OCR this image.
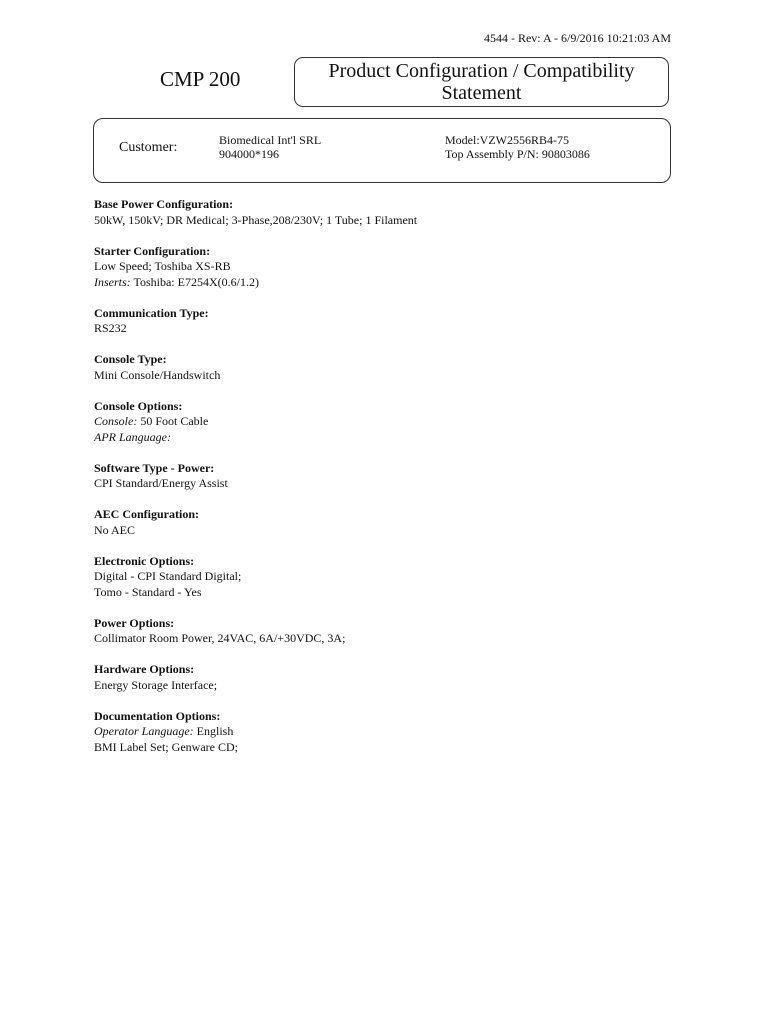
4544 - Rev: A - 6/9/2016 10:21:03 AM
CMP 200	Product Configuration / Compatibility
Statement
Customer:	Biomedical Int'l SRL
904000*196
Model:VZW2556RB4-75
Top Assembly P/N: 90803086
Base Power Configuration:
50kW, 150kV; DR Medical; 3-Phase,208/230V; 1 Tube; 1 Filament
Starter Configuration:
Low Speed; Toshiba XS-RB
Inserts: Toshiba: E7254X(0.6/1.2)
Communication Type:
RS232
Console Type:
Mini Console/Handswitch
Console Options:
Console: 50 Foot Cable
APR Language:
Software Type - Power:
CPI Standard/Energy Assist
AEC Configuration:
No AEC
Electronic Options:
Digital - CPI Standard Digital;
Tomo - Standard - Yes
Power Options:
Collimator Room Power, 24VAC, 6A/+30VDC, 3A;
Hardware Options:
Energy Storage Interface;
Documentation Options:
Operator Language: English
BMI Label Set; Genware CD;
